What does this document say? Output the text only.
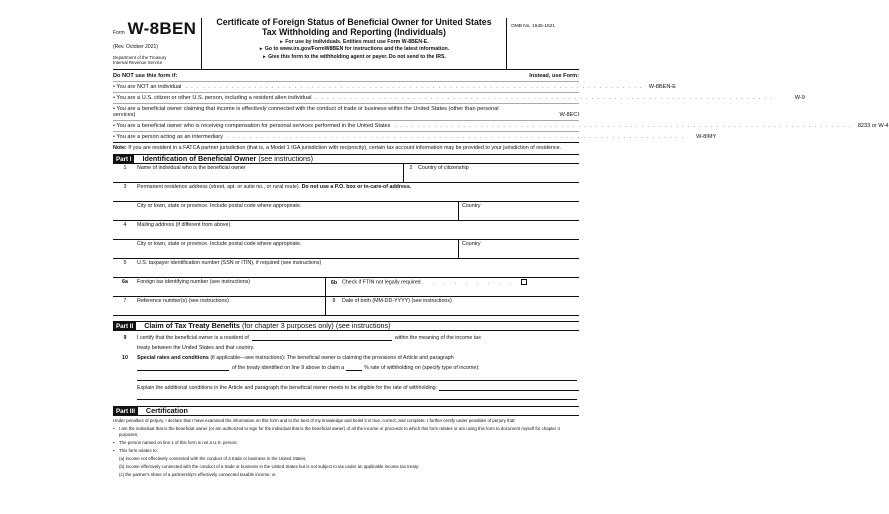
Form W-8BEN
(Rev. October 2021)
Department of the Treasury
Internal Revenue Service
Certificate of Foreign Status of Beneficial Owner for United States Tax Withholding and Reporting (Individuals)
► For use by individuals. Entities must use Form W-8BEN-E.
► Go to www.irs.gov/FormW8BEN for instructions and the latest information.
► Give this form to the withholding agent or payer. Do not send to the IRS.
OMB No. 1545-1621
Do NOT use this form if:	Instead, use Form:
• You are NOT an individual ................................................................................ W-8BEN-E
• You are a U.S. citizen or other U.S. person, including a resident alien individual ................................................................................	W-9
• You are a beneficial owner claiming that income is effectively connected with the conduct of trade or business within the United States (other than personal services)	W-8ECI
• You are a beneficial owner who is receiving compensation for personal services performed in the United States ................................................................................ 8233 or W-4
• You are a person acting as an intermediary ................................................................................	W-8IMY
Note: If you are resident in a FATCA partner jurisdiction (that is, a Model 1 IGA jurisdiction with reciprocity), certain tax account information may be provided to your jurisdiction of residence.
Part I	Identification of Beneficial Owner (see instructions)
1 Name of individual who is the beneficial owner	2 Country of citizenship
3 Permanent residence address (street, apt. or suite no., or rural route). Do not use a P.O. box or in-care-of address.
City or town, state or province. Include postal code where appropriate.	Country
4 Mailing address (if different from above)
City or town, state or province. Include postal code where appropriate.	Country
5 U.S. taxpayer identification number (SSN or ITIN), if required (see instructions)
6a Foreign tax identifying number (see instructions)	6b Check if FTIN not legally required . . . . . . . . .
7 Reference number(s) (see instructions)	8 Date of birth (MM-DD-YYYY) (see instructions)
Part II	Claim of Tax Treaty Benefits (for chapter 3 purposes only) (see instructions)
9	I certify that the beneficial owner is a resident of	within the meaning of the income tax
treaty between the United States and that country.
10	Special rates and conditions (if applicable—see instructions): The beneficial owner is claiming the provisions of Article and paragraph
of the treaty identified on line 9 above to claim a	% rate of withholding on (specify type of income):
Explain the additional conditions in the Article and paragraph the beneficial owner meets to be eligible for the rate of withholding:
Part III	Certification
Under penalties of perjury, I declare that I have examined the information on this form and to the best of my knowledge and belief it is true, correct, and complete. I further certify under penalties of perjury that:
•	I am the individual that is the beneficial owner (or am authorized to sign for the individual that is the beneficial owner) of all the income or proceeds to which this form relates or am using this form to document myself for chapter 4 purposes;
•	The person named on line 1 of this form is not a U.S. person;
•	This form relates to:
(a) income not effectively connected with the conduct of a trade or business in the United States;
(b) income effectively connected with the conduct of a trade or business in the United States but is not subject to tax under an applicable income tax treaty;
(c) the partner's share of a partnership's effectively connected taxable income; or
